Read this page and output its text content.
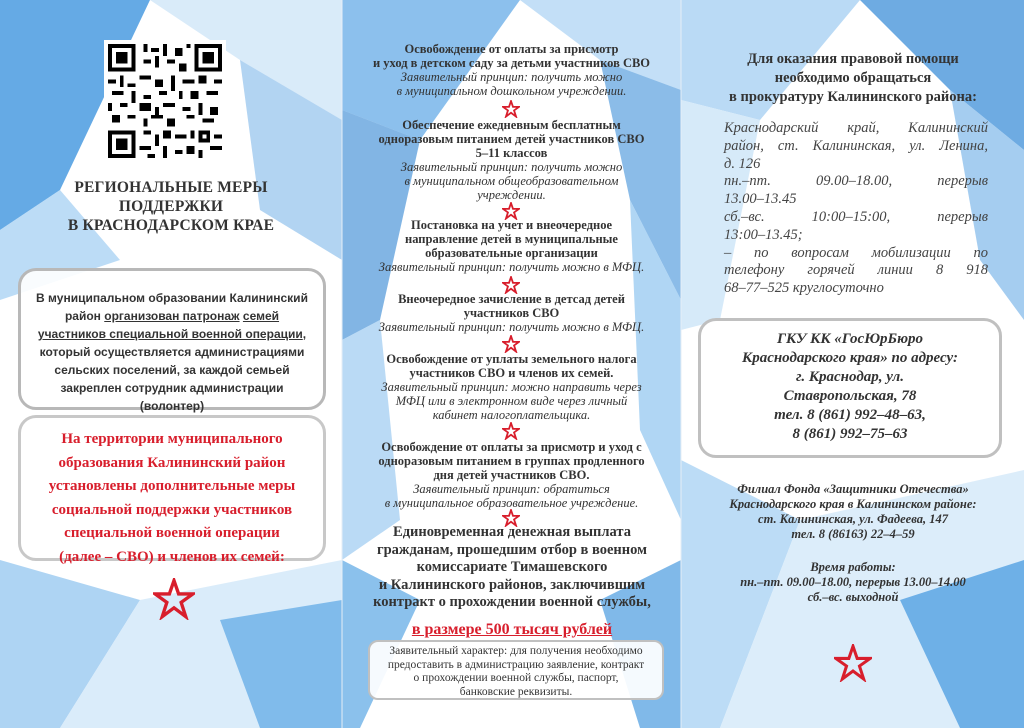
РЕГИОНАЛЬНЫЕ МЕРЫ
ПОДДЕРЖКИ
В КРАСНОДАРСКОМ КРАЕ
В муниципальном образовании Калининский район организован патронаж семей участников специальной военной операции, который осуществляется администрациями сельских поселений, за каждой семьей закреплен сотрудник администрации (волонтер)
На территории муниципального
образования Калининский район
установлены дополнительные меры
социальной поддержки участников
специальной военной операции
(далее – СВО) и членов их семей:
Освобождение от оплаты за присмотр
и уход в детском саду за детьми участников СВО
Заявительный принцип: получить можно
в муниципальном дошкольном учреждении.
Обеспечение ежедневным бесплатным
одноразовым питанием детей участников СВО
5–11 классов
Заявительный принцип: получить можно
в муниципальном общеобразовательном
учреждении.
Постановка на учет и внеочередное
направление детей в муниципальные
образовательные организации
Заявительный принцип: получить можно в МФЦ.
Внеочередное зачисление в детсад детей
участников СВО
Заявительный принцип: получить можно в МФЦ.
Освобождение от уплаты земельного налога
участников СВО и членов их семей.
Заявительный принцип: можно направить через
МФЦ или в электронном виде через личный
кабинет налогоплательщика.
Освобождение от оплаты за присмотр и уход с
одноразовым питанием в группах продленного
дня детей участников СВО.
Заявительный принцип: обратиться
в муниципальное образовательное учреждение.
Единовременная денежная выплата
гражданам, прошедшим отбор в военном
комиссариате Тимашевского
и Калининского районов, заключившим
контракт о прохождении военной службы,
в размере 500 тысяч рублей
Заявительный характер: для получения необходимо
предоставить в администрацию заявление, контракт
о прохождении военной службы, паспорт,
банковские реквизиты.
Для оказания правовой помощи
необходимо обращаться
в прокуратуру Калининского района:
Краснодарский край, Калининский
район, ст. Калининская, ул. Ленина,
д. 126
пн.–пт. 09.00–18.00, перерыв
13.00–13.45
сб.–вс. 10:00–15:00, перерыв
13:00–13.45;
– по вопросам мобилизации по
телефону горячей линии 8 918
68–77–525 круглосуточно
ГКУ КК «ГосЮрБюро
Краснодарского края» по адресу:
г. Краснодар, ул.
Ставропольская, 78
тел. 8 (861) 992–48–63,
8 (861) 992–75–63
Филиал Фонда «Защитники Отечества»
Краснодарского края в Калининском районе:
ст. Калининская, ул. Фадеева, 147
тел. 8 (86163) 22–4–59
Время работы:
пн.–пт. 09.00–18.00, перерыв 13.00–14.00
сб.–вс. выходной
